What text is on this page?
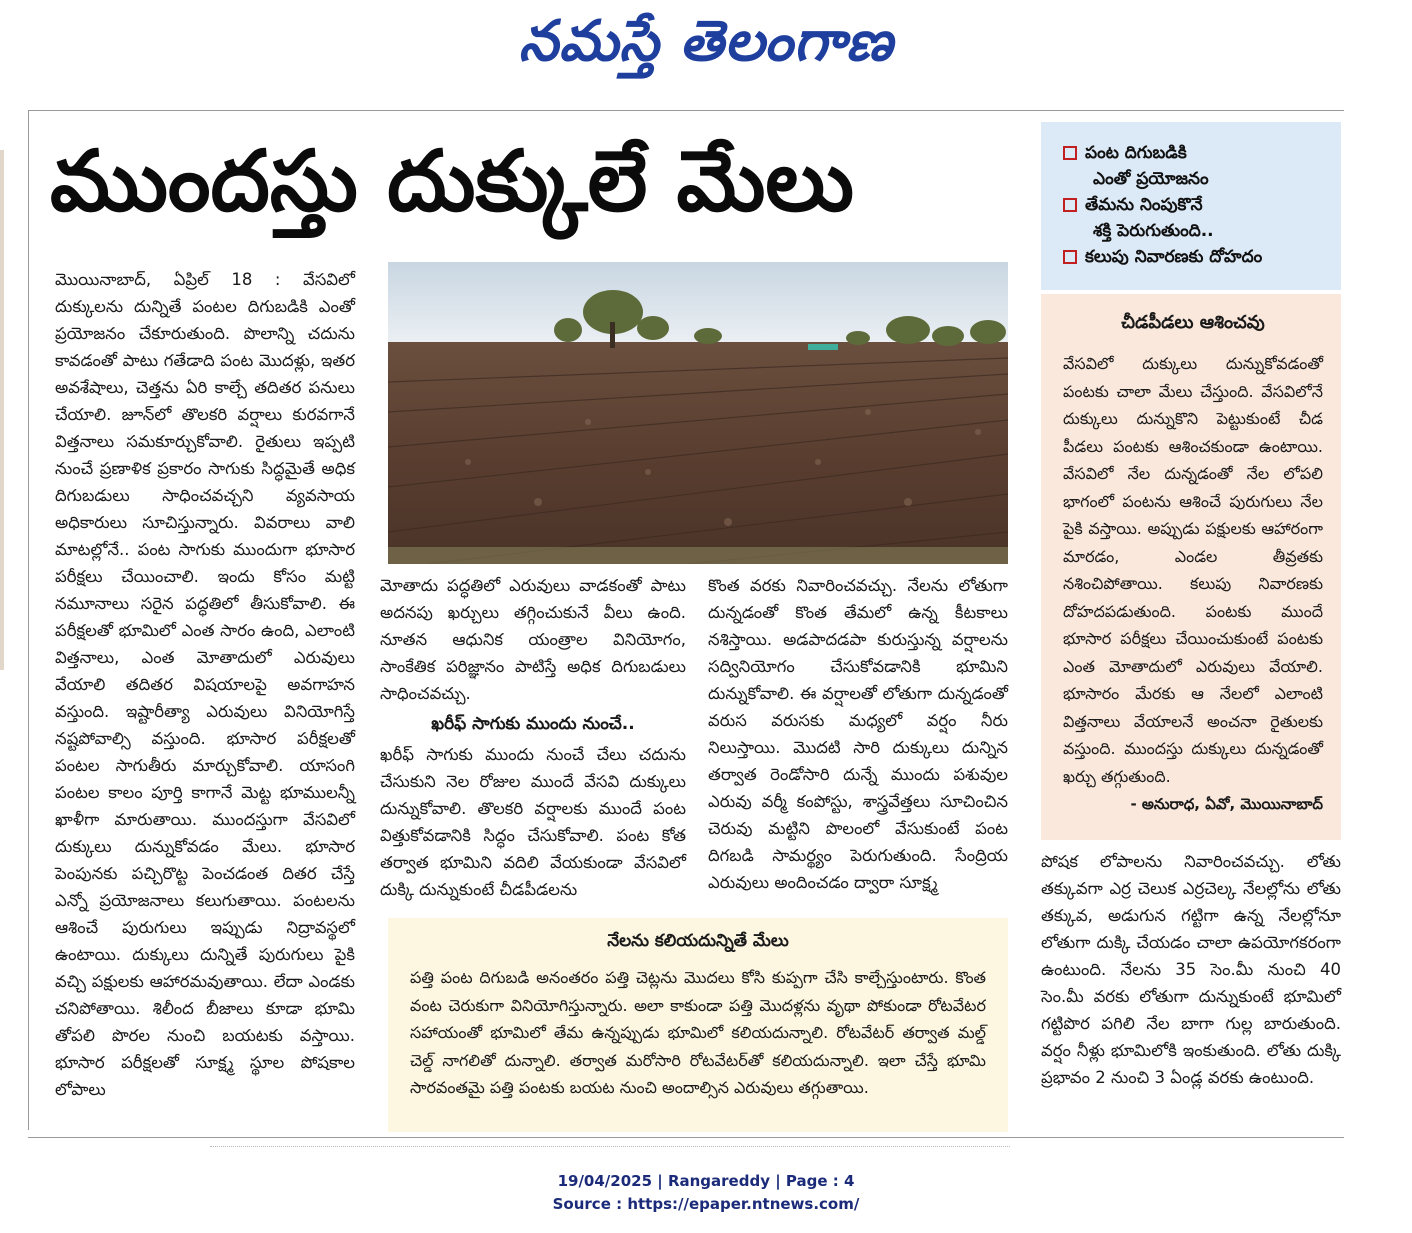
నమస్తే తెలంగాణ
ముందస్తు దుక్కులే మేలు	పంట దిగుబడికి
ఎంతో ప్రయోజనం
తేమను నింపుకొనే
శక్తి పెరుగుతుంది..
కలుపు నివారణకు దోహదం

మొయినాబాద్‌, ఏప్రిల్‌ 18 : వేసవిలో దుక్కులను దున్నితే పంటల దిగుబడికి ఎంతో ప్రయోజనం చేకూరుతుంది. పొలాన్ని చదును కావడంతో పాటు గతేడాది పంట మొదళ్లు, ఇతర అవశేషాలు, చెత్తను ఏరి కాల్చే తదితర పనులు చేయాలి. జూన్‌లో తొలకరి వర్షాలు కురవగానే విత్తనాలు సమకూర్చుకోవాలి. రైతులు ఇప్పటి నుంచే ప్రణాళిక ప్రకారం సాగుకు సిద్ధమైతే అధిక దిగుబడులు సాధించవచ్చని వ్యవసాయ అధికారులు సూచిస్తున్నారు. వివరాలు వాలి మాటల్లోనే.. పంట సాగుకు ముందుగా భూసార పరీక్షలు చేయించాలి. ఇందు కోసం మట్టి నమూనాలు సరైన పద్ధతిలో తీసుకోవాలి. ఈ పరీక్షలతో భూమిలో ఎంత సారం ఉంది, ఎలాంటి విత్తనాలు, ఎంత మోతాదులో ఎరువులు వేయాలి తదితర విషయాలపై అవగాహన వస్తుంది. ఇష్టారీత్యా ఎరువులు వినియోగిస్తే నష్టపోవాల్సి వస్తుంది. భూసార పరీక్షలతో పంటల సాగుతీరు మార్చుకోవాలి. యాసంగి పంటల కాలం పూర్తి కాగానే మెట్ట భూములన్నీ ఖాళీగా మారుతాయి. ముందస్తుగా వేసవిలో దుక్కులు దున్నుకోవడం మేలు. భూసార పెంపునకు పచ్చిరొట్ట పెంచడంత దితర చేస్తే ఎన్నో ప్రయోజనాలు కలుగుతాయి. పంటలను ఆశించే పురుగులు ఇప్పుడు నిద్రావస్థలో ఉంటాయి. దుక్కులు దున్నితే పురుగులు పైకి వచ్చి పక్షులకు ఆహారమవుతాయి. లేదా ఎండకు చనిపోతాయి. శిలీంద బీజాలు కూడా భూమి తోపలి పొరల నుంచి బయటకు వస్తాయి. భూసార పరీక్షలతో సూక్ష్మ స్థూల పోషకాల లోపాలు

మోతాదు పద్ధతిలో ఎరువులు వాడకంతో పాటు అదనపు ఖర్చులు తగ్గించుకునే వీలు ఉంది. నూతన ఆధునిక యంత్రాల వినియోగం, సాంకేతిక పరిజ్ఞానం పాటిస్తే అధిక దిగుబడులు సాధించవచ్చు.

ఖరీఫ్‌ సాగుకు ముందు నుంచే..

ఖరీఫ్‌ సాగుకు ముందు నుంచే చేలు చదును చేసుకుని నెల రోజుల ముందే వేసవి దుక్కులు దున్నుకోవాలి. తొలకరి వర్షాలకు ముందే పంట విత్తుకోవడానికి సిద్ధం చేసుకోవాలి. పంట కోత తర్వాత భూమిని వదిలి వేయకుండా వేసవిలో దుక్కి దున్నుకుంటే చీడపీడలను

కొంత వరకు నివారించవచ్చు. నేలను లోతుగా దున్నడంతో కొంత తేమలో ఉన్న కీటకాలు నశిస్తాయి. అడపాదడపా కురుస్తున్న వర్షాలను సద్వినియోగం చేసుకోవడానికి భూమిని దున్నుకోవాలి. ఈ వర్షాలతో లోతుగా దున్నడంతో వరుస వరుసకు మధ్యలో వర్షం నీరు నిలుస్తాయి. మొదటి సారి దుక్కులు దున్నిన తర్వాత రెండోసారి దున్నే ముందు పశువుల ఎరువు వర్మీ కంపోస్టు, శాస్త్రవేత్తలు సూచించిన చెరువు మట్టిని పొలంలో వేసుకుంటే పంట దిగబడి సామర్థ్యం పెరుగుతుంది. సేంద్రియ ఎరువులు అందించడం ద్వారా సూక్ష్మ

చీడపీడలు ఆశించవు

వేసవిలో దుక్కులు దున్నుకోవడంతో పంటకు చాలా మేలు చేస్తుంది. వేసవిలోనే దుక్కులు దున్నుకొని పెట్టుకుంటే చీడ పీడలు పంటకు ఆశించకుండా ఉంటాయి. వేసవిలో నేల దున్నడంతో నేల లోపలి భాగంలో పంటను ఆశించే పురుగులు నేల పైకి వస్తాయి. అప్పుడు పక్షులకు ఆహారంగా మారడం, ఎండల తీవ్రతకు నశించిపోతాయి. కలుపు నివారణకు దోహదపడుతుంది. పంటకు ముందే భూసార పరీక్షలు చేయించుకుంటే పంటకు ఎంత మోతాదులో ఎరువులు వేయాలి. భూసారం మేరకు ఆ నేలలో ఎలాంటి విత్తనాలు వేయాలనే అంచనా రైతులకు వస్తుంది. ముందస్తు దుక్కులు దున్నడంతో ఖర్చు తగ్గుతుంది.

- అనురాధ, ఏవో, మొయినాబాద్‌

పోషక లోపాలను నివారించవచ్చు. లోతు తక్కువగా ఎర్ర చెలుక ఎర్రచెల్క నేలల్లోను లోతు తక్కువ, అడుగున గట్టిగా ఉన్న నేలల్లోనూ లోతుగా దుక్కి చేయడం చాలా ఉపయోగకరంగా ఉంటుంది. నేలను 35 సెం.మీ నుంచి 40 సెం.మీ వరకు లోతుగా దున్నుకుంటే భూమిలో గట్టిపొర పగిలి నేల బాగా గుల్ల బారుతుంది. వర్షం నీళ్లు భూమిలోకి ఇంకుతుంది. లోతు దుక్కి ప్రభావం 2 నుంచి 3 ఏండ్ల వరకు ఉంటుంది.

నేలను కలియదున్నితే మేలు

పత్తి పంట దిగుబడి అనంతరం పత్తి చెట్లను మొదలు కోసి కుప్పగా చేసి కాల్చేస్తుంటారు. కొంత వంట చెరుకుగా వినియోగిస్తున్నారు. అలా కాకుండా పత్తి మొదళ్లను వృథా పోకుండా రోటవేటర సహాయంతో భూమిలో తేమ ఉన్నప్పుడు భూమిలో కలియదున్నాలి. రోటవేటర్‌ తర్వాత మల్డ్‌ చెల్డ్‌ నాగలితో దున్నాలి. తర్వాత మరోసారి రోటవేటర్‌తో కలియదున్నాలి. ఇలా చేస్తే భూమి సారవంతమై పత్తి పంటకు బయట నుంచి అందాల్సిన ఎరువులు తగ్గుతాయి.

19/04/2025 | Rangareddy | Page : 4
Source : https://epaper.ntnews.com/
